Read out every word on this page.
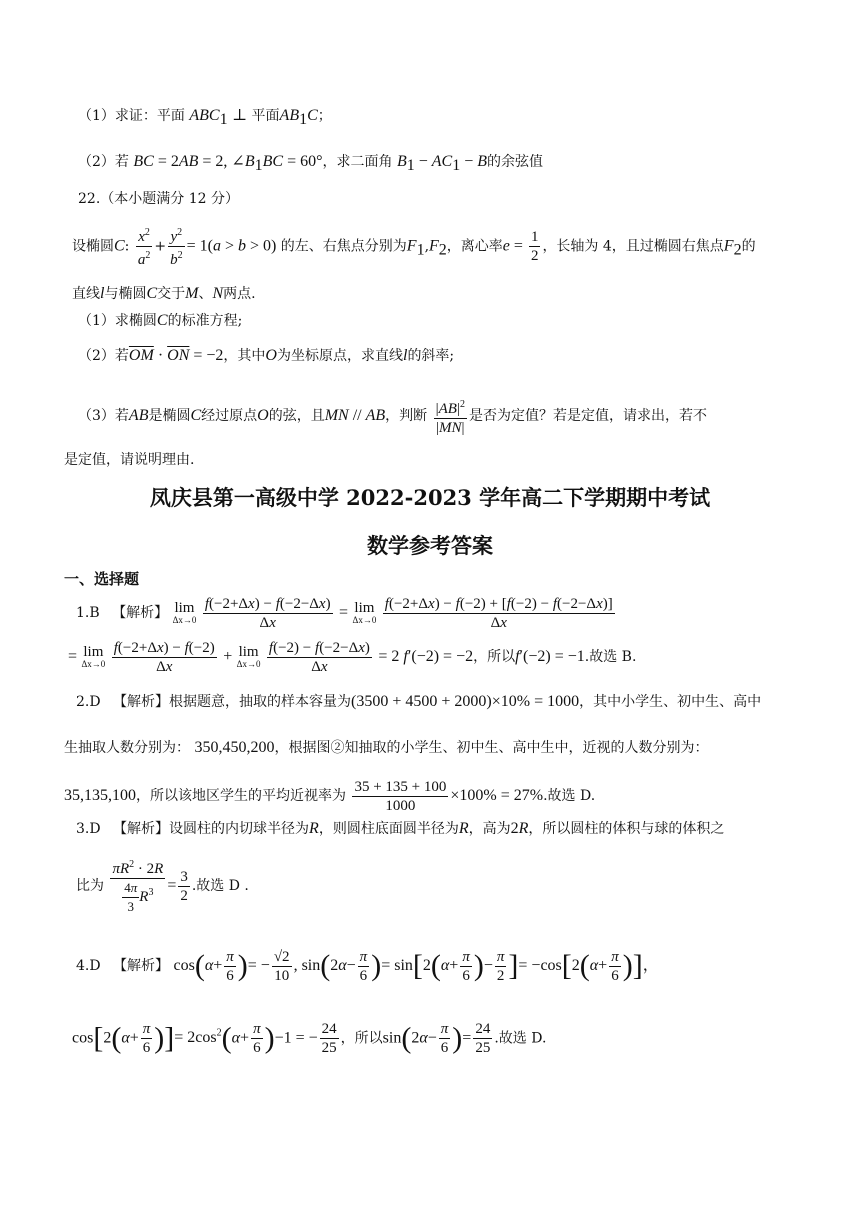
（1）求证：平面 $ABC_1$ ⊥ 平面$AB_1C$；
（2）若 BC = 2AB = 2, $\angle B_1BC = 60^\circ$，求二面角 $B_1 - AC_1 - B$的余弦值
22.（本小题满分 12 分）
设椭圆C: $\frac{x^2}{a^2} + \frac{y^2}{b^2} = 1(a > b > 0)$ 的左、右焦点分别为$F_1,F_2$，离心率$e = \frac{1}{2}$ ，长轴为 4，且过椭圆右焦点$F_2$的
直线l与椭圆C交于M、N两点.
（1）求椭圆C的标准方程;
（2）若$\overline{OM} \cdot \overline{ON} = -2$，其中O为坐标原点，求直线l的斜率;
（3）若AB是椭圆C经过原点O的弦，且MN // AB，判断 $\frac{|AB|^2}{|MN|}$ 是否为定值？若是定值，请求出，若不
是定值，请说明理由.
凤庆县第一高级中学 2022-2023 学年高二下学期期中考试
数学参考答案
一、选择题
1.B 【解析】 lim
Δx→0
$\frac{f(-2+\Delta x) - f(-2-\Delta x)}{\Delta x} = \lim$
Δx→0
$\frac{f(-2+\Delta x) - f(-2) + [f(-2) - f(-2-\Delta x)]}{\Delta x}$
= lim
Δx→0
$\frac{f(-2+\Delta x) - f(-2)}{\Delta x} + \lim$
Δx→0
$\frac{f(-2) - f(-2-\Delta x)}{\Delta x} = 2$ f′(−2) = −2，所以f′(−2) = −1.故选 B.
2.D 【解析】根据题意，抽取的样本容量为(3500 + 4500 + 2000)×10% = 1000，其中小学生、初中生、高中
生抽取人数分别为： 350,450,200，根据图②知抽取的小学生、初中生、高中生中，近视的人数分别为：
35,135,100，所以该地区学生的平均近视率为 $\frac{35 + 135 + 100}{1000} \times 100\% = 27\%$.故选 D.
3.D 【解析】设圆柱的内切球半径为R，则圆柱底面圆半径为R，高为2R，所以圆柱的体积与球的体积之
比为 $\frac{\pi R^2 \cdot 2R}{\frac{4\pi}{3} R^3} = \frac{3}{2}$ .故选 D .
4.D 【解析】 $\cos(\alpha+ \frac{\pi}{6}$ )= − $\frac{√2}{10}$ , $\sin(2\alpha- \frac{\pi}{6}$ )= $\sin[2(\alpha+ \frac{\pi}{6}$ )− $\frac{\pi}{2}$ ]= $-\cos[2(\alpha+ \frac{\pi}{6}$ )]，
$\cos[2(\alpha+ \frac{\pi}{6}$ )]= $2\cos^2(\alpha+ \frac{\pi}{6} )-1$ = − $\frac{24}{25}$ ，所以$\sin(2\alpha- \frac{\pi}{6}$ )= $\frac{24}{25}$ .故选 D.
